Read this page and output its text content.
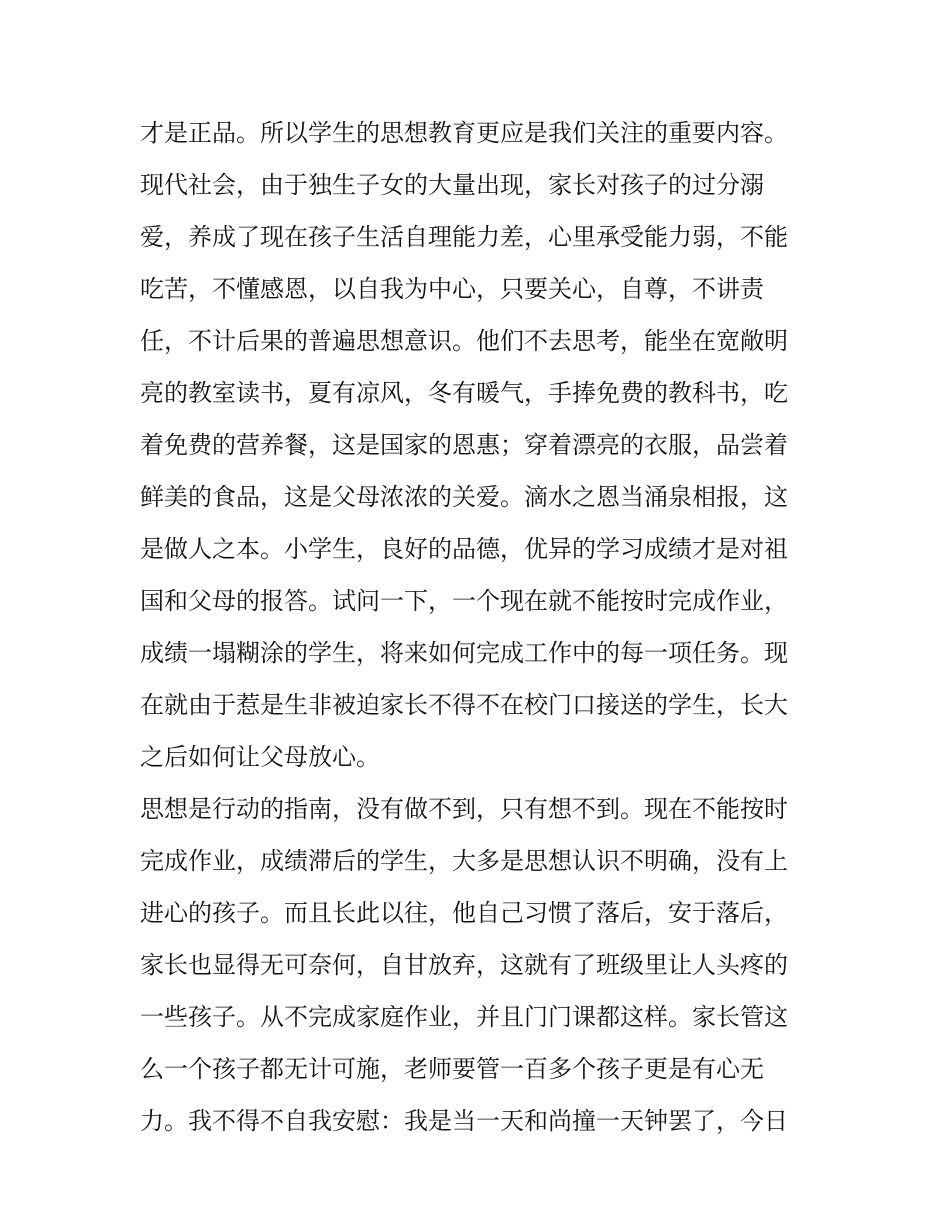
才是正品。所以学生的思想教育更应是我们关注的重要内容。
现代社会，由于独生子女的大量出现，家长对孩子的过分溺
爱，养成了现在孩子生活自理能力差，心里承受能力弱，不能
吃苦，不懂感恩，以自我为中心，只要关心，自尊，不讲责
任，不计后果的普遍思想意识。他们不去思考，能坐在宽敞明
亮的教室读书，夏有凉风，冬有暖气，手捧免费的教科书，吃
着免费的营养餐，这是国家的恩惠；穿着漂亮的衣服，品尝着
鲜美的食品，这是父母浓浓的关爱。滴水之恩当涌泉相报，这
是做人之本。小学生，良好的品德，优异的学习成绩才是对祖
国和父母的报答。试问一下，一个现在就不能按时完成作业，
成绩一塌糊涂的学生，将来如何完成工作中的每一项任务。现
在就由于惹是生非被迫家长不得不在校门口接送的学生，长大
之后如何让父母放心。
思想是行动的指南，没有做不到，只有想不到。现在不能按时
完成作业，成绩滞后的学生，大多是思想认识不明确，没有上
进心的孩子。而且长此以往，他自己习惯了落后，安于落后，
家长也显得无可奈何，自甘放弃，这就有了班级里让人头疼的
一些孩子。从不完成家庭作业，并且门门课都这样。家长管这
么一个孩子都无计可施，老师要管一百多个孩子更是有心无
力。我不得不自我安慰：我是当一天和尚撞一天钟罢了，今日
